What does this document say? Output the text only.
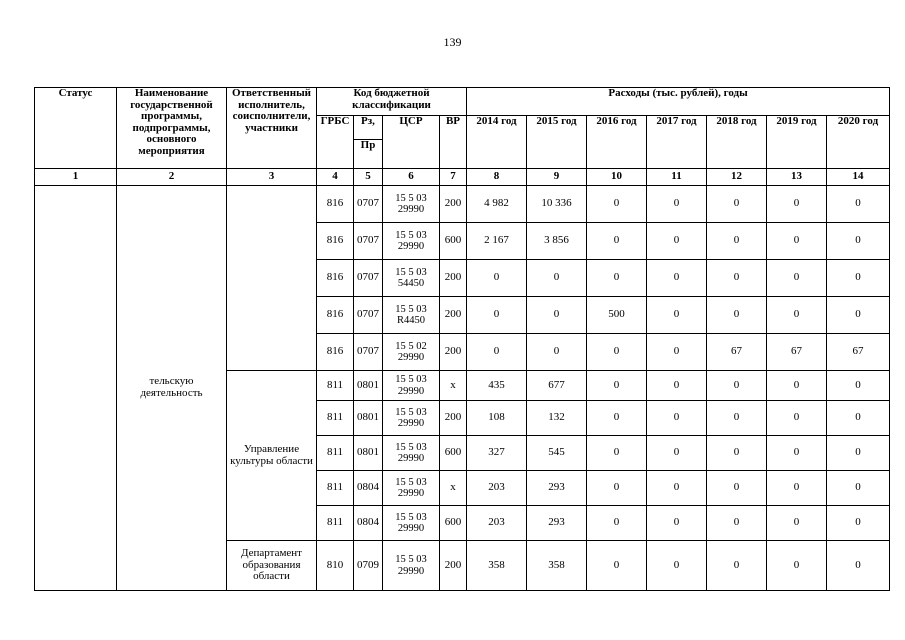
139
Статус	Наименование государственной программы, подпрограммы, основного мероприятия	Ответственный исполнитель, соисполнители, участники	Код бюджетной классификации				Расходы (тыс. рублей), годы						
			ГРБС	Рз,	ЦСР	ВР	2014 год	2015 год	2016 год	2017 год	2018 год	2019 год	2020 год
				Пр									
1	2	3	4	5	6	7	8	9	10	11	12	13	14
	тельскую деятельность		816	0707	15 5 03 29990	200	4 982	10 336	0	0	0	0	0
			816	0707	15 5 03 29990	600	2 167	3 856	0	0	0	0	0
			816	0707	15 5 03 54450	200	0	0	0	0	0	0	0
			816	0707	15 5 03 R4450	200	0	0	500	0	0	0	0
			816	0707	15 5 02 29990	200	0	0	0	0	67	67	67
		Управление культуры области	811	0801	15 5 03 29990	х	435	677	0	0	0	0	0
			811	0801	15 5 03 29990	200	108	132	0	0	0	0	0
			811	0801	15 5 03 29990	600	327	545	0	0	0	0	0
			811	0804	15 5 03 29990	х	203	293	0	0	0	0	0
			811	0804	15 5 03 29990	600	203	293	0	0	0	0	0
		Департамент образования области	810	0709	15 5 03 29990	200	358	358	0	0	0	0	0
